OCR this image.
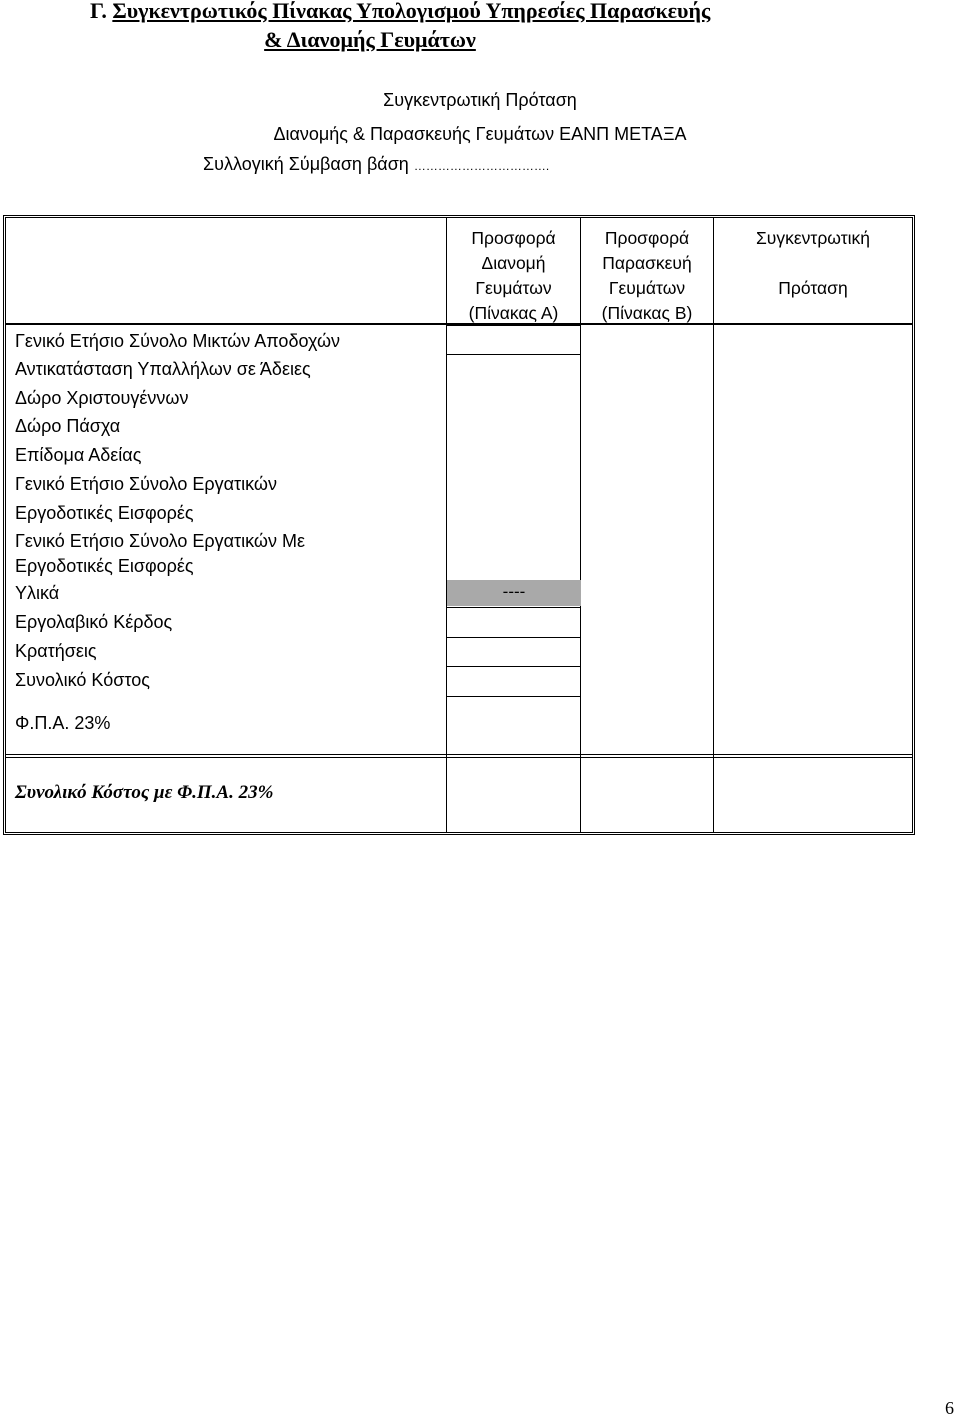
Γ. Συγκεντρωτικός Πίνακας Υπολογισμού Υπηρεσίες Παρασκευής
& Διανομής Γευμάτων
Συγκεντρωτική Πρόταση
Διανομής & Παρασκευής Γευμάτων ΕΑΝΠ ΜΕΤΑΞΑ
Συλλογική Σύμβαση βάση …………………………….
Προσφορά
Διανομή
Γευμάτων
(Πίνακας Α)
Προσφορά
Παρασκευή
Γευμάτων
(Πίνακας Β)
Συγκεντρωτική
Πρόταση
Γενικό Ετήσιο Σύνολο Μικτών Αποδοχών
Αντικατάσταση Υπαλλήλων σε Άδειες
Δώρο Χριστουγέννων
Δώρο Πάσχα
Επίδομα Αδείας
Γενικό Ετήσιο Σύνολο Εργατικών
Εργοδοτικές Εισφορές
Γενικό Ετήσιο Σύνολο Εργατικών Με
Εργοδοτικές Εισφορές
Υλικά
Εργολαβικό Κέρδος
Κρατήσεις
Συνολικό Κόστος
Φ.Π.Α. 23%
----
Συνολικό Κόστος με Φ.Π.Α. 23%
6
